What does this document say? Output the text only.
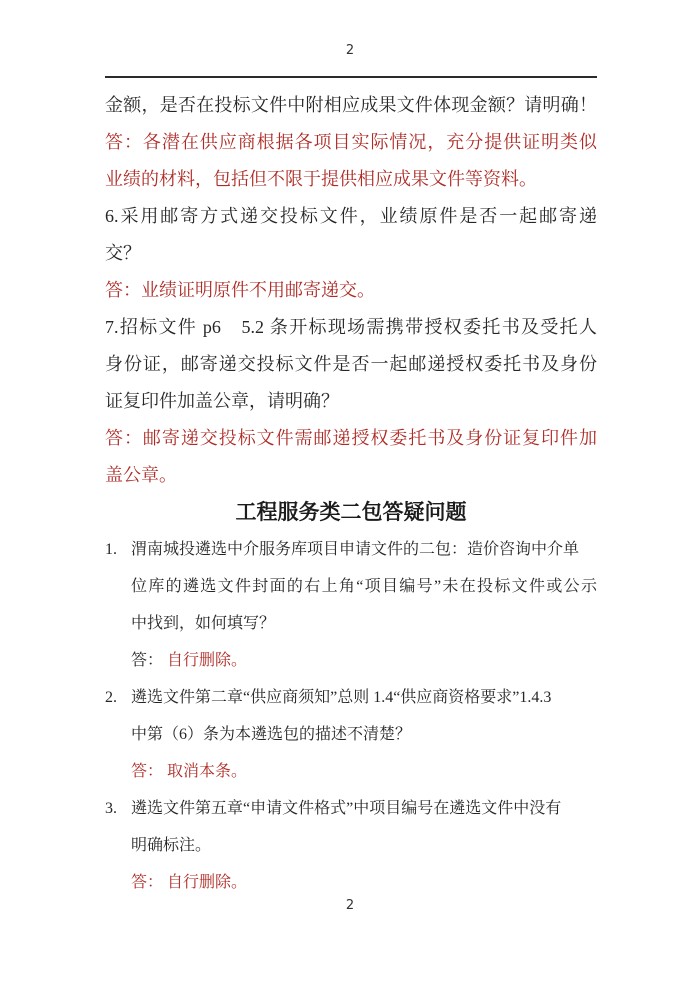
2
金额，是否在投标文件中附相应成果文件体现金额？请明确！
答：各潜在供应商根据各项目实际情况，充分提供证明类似
业绩的材料，包括但不限于提供相应成果文件等资料。
6.采用邮寄方式递交投标文件，业绩原件是否一起邮寄递
交？
答：业绩证明原件不用邮寄递交。
7.招标文件 p6　5.2 条开标现场需携带授权委托书及受托人
身份证，邮寄递交投标文件是否一起邮递授权委托书及身份
证复印件加盖公章，请明确？
答：邮寄递交投标文件需邮递授权委托书及身份证复印件加
盖公章。
工程服务类二包答疑问题
1. 渭南城投遴选中介服务库项目申请文件的二包：造价咨询中介单
位库的遴选文件封面的右上角“项目编号”未在投标文件或公示
中找到，如何填写？
答： 自行删除。
2. 遴选文件第二章“供应商须知”总则 1.4“供应商资格要求”1.4.3
中第（6）条为本遴选包的描述不清楚？
答： 取消本条。
3. 遴选文件第五章“申请文件格式”中项目编号在遴选文件中没有
明确标注。
答： 自行删除。
2
